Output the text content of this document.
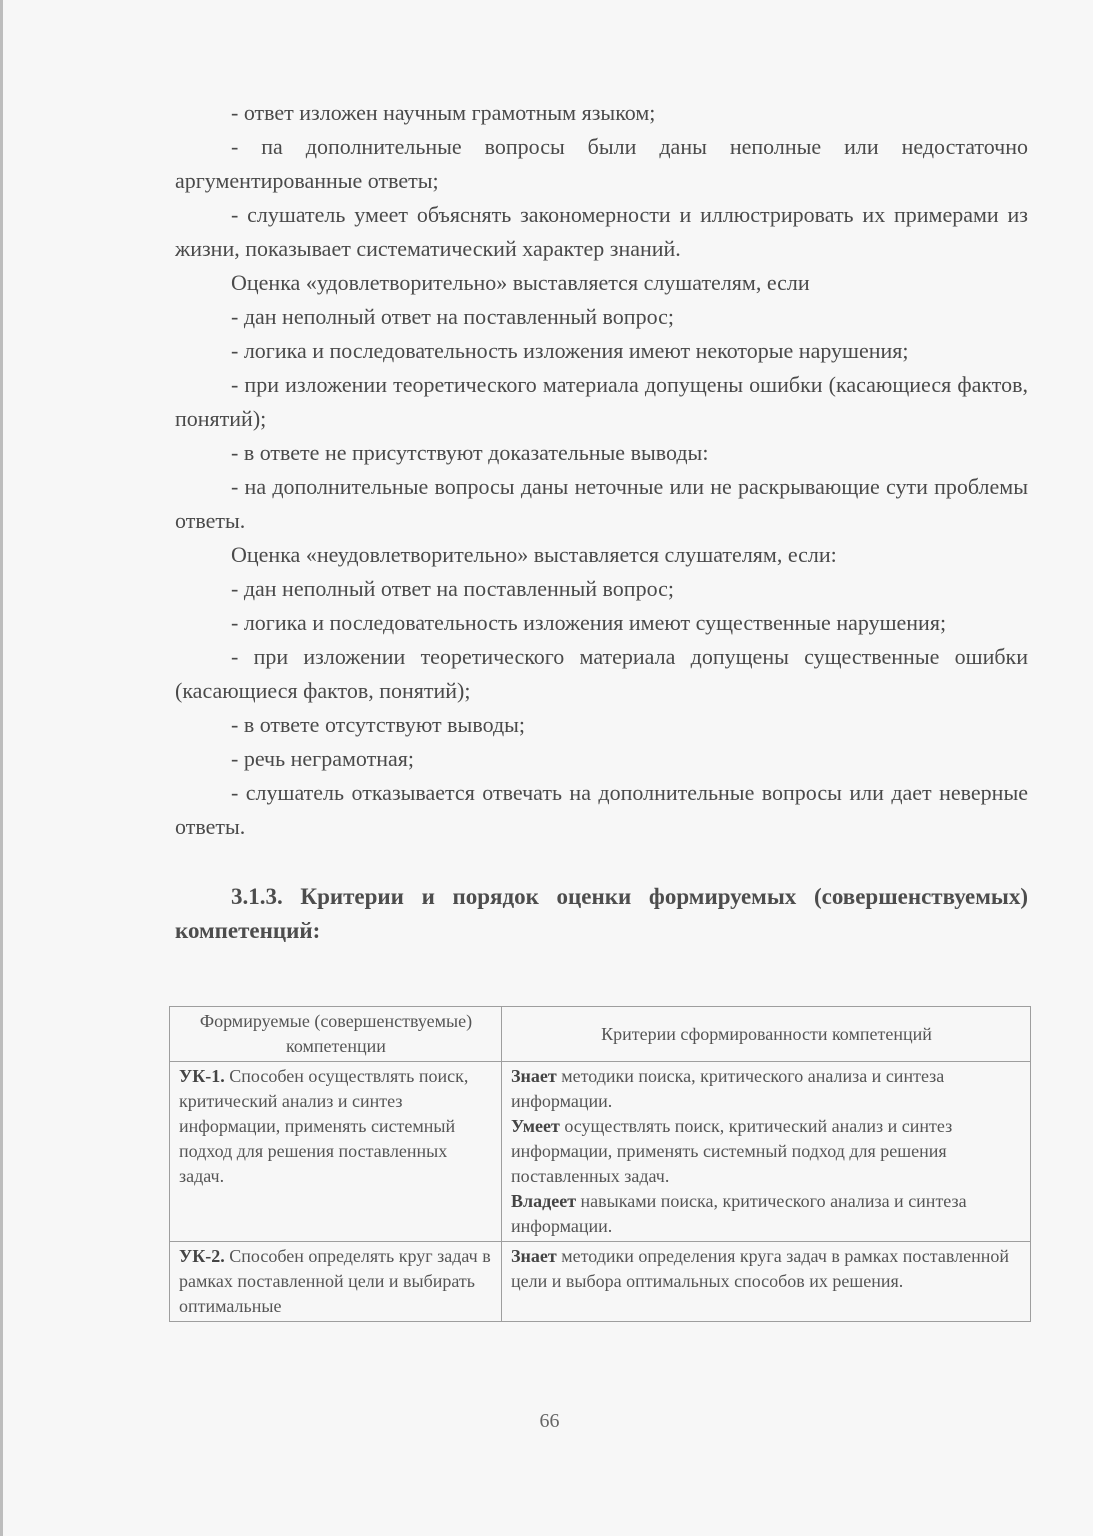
- ответ изложен научным грамотным языком;

- па дополнительные вопросы были даны неполные или недостаточно аргументированные ответы;

- слушатель умеет объяснять закономерности и иллюстрировать их примерами из жизни, показывает систематический характер знаний.

Оценка «удовлетворительно» выставляется слушателям, если

- дан неполный ответ на поставленный вопрос;

- логика и последовательность изложения имеют некоторые нарушения;

- при изложении теоретического материала допущены ошибки (касающиеся фактов, понятий);

- в ответе не присутствуют доказательные выводы:

- на дополнительные вопросы даны неточные или не раскрывающие сути проблемы ответы.

Оценка «неудовлетворительно» выставляется слушателям, если:

- дан неполный ответ на поставленный вопрос;

- логика и последовательность изложения имеют существенные нарушения;

- при изложении теоретического материала допущены существенные ошибки (касающиеся фактов, понятий);

- в ответе отсутствуют выводы;

- речь неграмотная;

- слушатель отказывается отвечать на дополнительные вопросы или дает неверные ответы.

3.1.3. Критерии и порядок оценки формируемых (совершенствуемых) компетенций:

Формируемые (совершенствуемые) компетенции	Критерии сформированности компетенций
УК-1. Способен осуществлять поиск, критический анализ и синтез информации, применять системный подход для решения поставленных задач.	Знает методики поиска, критического анализа и синтеза информации.
Умеет осуществлять поиск, критический анализ и синтез информации, применять системный подход для решения поставленных задач.
Владеет навыками поиска, критического анализа и синтеза информации.

УК-2. Способен определять круг задач в рамках поставленной цели и выбирать оптимальные	Знает методики определения круга задач в рамках поставленной цели и выбора оптимальных способов их решения.
66
